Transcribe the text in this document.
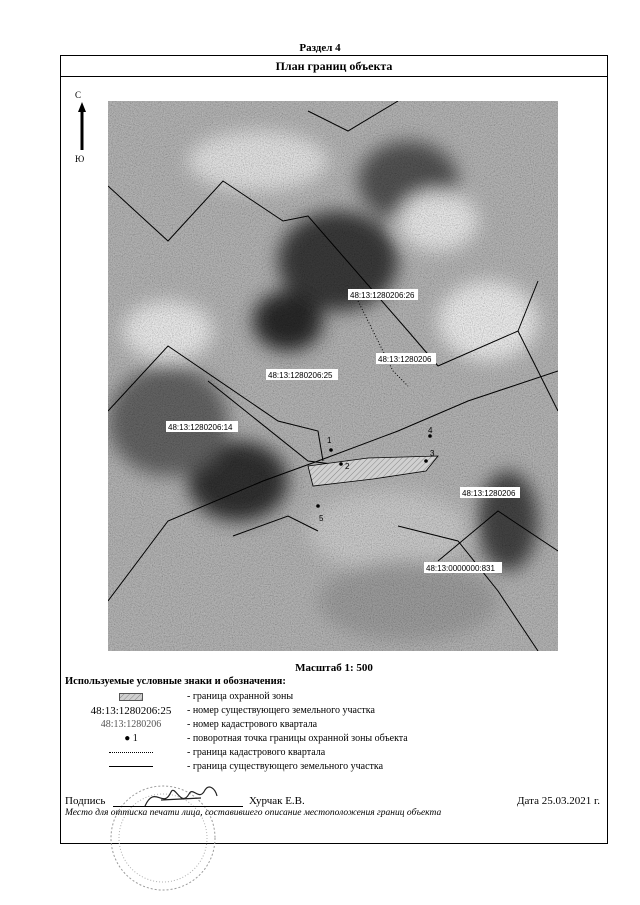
Раздел 4
План границ объекта
С
Ю
1
2
3
4
5
48:13:1280206:26
48:13:1280206
48:13:1280206:25
48:13:1280206:14
48:13:1280206
48:13:0000000:831
Масштаб 1: 500
Используемые условные знаки и обозначения:
- граница охранной зоны
48:13:1280206:25	- номер существующего земельного участка
48:13:1280206	- номер кадастрового квартала
● 1	- поворотная точка границы охранной зоны объекта
- граница кадастрового квартала
- граница существующего земельного участка
Подпись	Хурчак Е.В.	Дата 25.03.2021 г.
Место для оттиска печати лица, составившего описание местоположения границ объекта
